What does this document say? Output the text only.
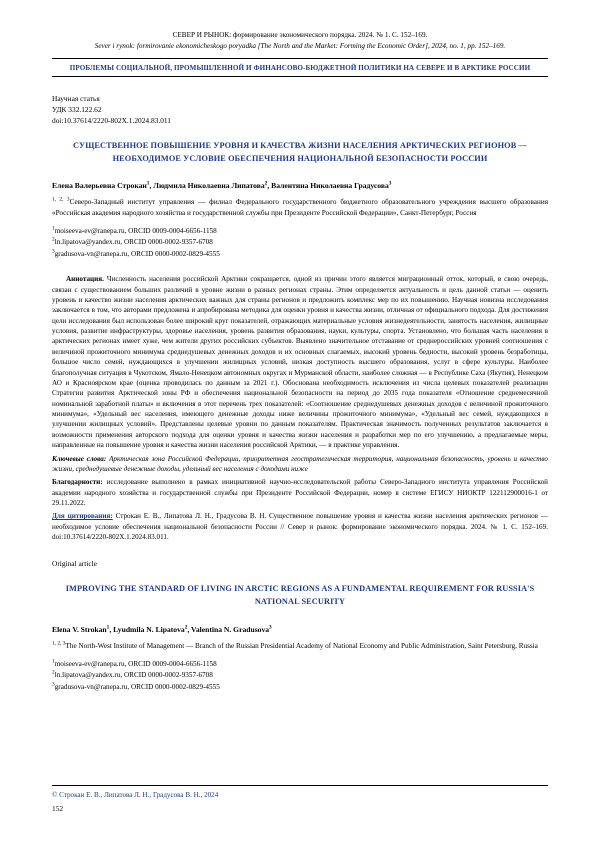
СЕВЕР И РЫНОК: формирование экономического порядка. 2024. № 1. С. 152–169.
Sever i rynok: formirovanie ekonomicheskogo poryadka [The North and the Market: Forming the Economic Order], 2024, no. 1, pp. 152–169.
ПРОБЛЕМЫ СОЦИАЛЬНОЙ, ПРОМЫШЛЕННОЙ И ФИНАНСОВО-БЮДЖЕТНОЙ ПОЛИТИКИ НА СЕВЕРЕ И В АРКТИКЕ РОССИИ
Научная статья
УДК 332.122.62
doi:10.37614/2220-802X.1.2024.83.011
СУЩЕСТВЕННОЕ ПОВЫШЕНИЕ УРОВНЯ И КАЧЕСТВА ЖИЗНИ НАСЕЛЕНИЯ АРКТИЧЕСКИХ РЕГИОНОВ — НЕОБХОДИМОЕ УСЛОВИЕ ОБЕСПЕЧЕНИЯ НАЦИОНАЛЬНОЙ БЕЗОПАСНОСТИ РОССИИ
Елена Валерьевна Строкан$^1$, Людмила Николаевна Липатова$^2$, Валентина Николаевна Градусова$^3$
$^{1, 2, 3}$Северо-Западный институт управления — филиал Федерального государственного бюджетного образовательного учреждения высшего образования «Российская академия народного хозяйства и государственной службы при Президенте Российской Федерации», Санкт-Петербург, Россия
$^1$moiseeva-ev@ranepa.ru, ORCID 0009-0004-6656-1158
$^2$ln.lipatova@yandex.ru, ORCID 0000-0002-9357-6708
$^3$gradusova-vn@ranepa.ru, ORCID 0000-0002-0829-4555

Аннотация. Численность населения российской Арктики сокращается, одной из причин этого является миграционный отток, который, в свою очередь, связан с существованием больших различий в уровне жизни в разных регионах страны. Этим определяется актуальность и цель данной статьи — оценить уровень и качество жизни населения арктических важных для страны регионов и предложить комплекс мер по их повышению. Научная новизна исследования заключается в том, что авторами предложена и апробирована методика для оценки уровня и качества жизни, отличная от официального подхода. Для достижения цели исследования был использован более широкий круг показателей, отражающих материальные условия жизнедеятельности, занятость населения, жилищные условия, развитие инфраструктуры, здоровье населения, уровень развития образования, науки, культуры, спорта. Установлено, что большая часть населения в арктических регионах имеет хуже, чем жители других российских субъектов. Выявлено значительное отставание от среднероссийских уровней соотношения с величиной прожиточного минимума среднедушевых денежных доходов и их основных слагаемых, высокий уровень бедности, высокий уровень безработицы, большое число семей, нуждающихся в улучшении жилищных условий, низкая доступность высшего образования, услуг в сфере культуры. Наиболее благополучная ситуация в Чукотском, Ямало-Ненецком автономных округах и Мурманской области, наиболее сложная — в Республике Саха (Якутия), Ненецком АО и Красноярском крае (оценка проводилась по данным за 2021 г.). Обоснована необходимость исключения из числа целевых показателей реализации Стратегии развития Арктической зоны РФ и обеспечения национальной безопасности на период до 2035 года показателя «Отношение среднемесячной номинальной заработной платы» и включения в этот перечень трех показателей: «Соотношение среднедушевых денежных доходов с величиной прожиточного минимума», «Удельный вес населения, имеющего денежные доходы ниже величины прожиточного минимума», «Удельный вес семей, нуждающихся в улучшении жилищных условий». Представлены целевые уровни по данным показателям. Практическая значимость полученных результатов заключается в возможности применения авторского подхода для оценки уровня и качества жизни населения и разработки мер по его улучшению, а предлагаемые меры, направленные на повышение уровня и качества жизни населения российской Арктики, — в практике управления.

Ключевые слова: Арктическая зона Российской Федерации, приоритетная геостратегическая территория, национальная безопасность, уровень и качество жизни, среднедушевые денежные доходы, удельный вес населения с доходами ниже

Благодарности: исследование выполнено в рамках инициативной научно-исследовательской работы Северо-Западного института управления Российской академии народного хозяйства и государственной службы при Президенте Российской Федерации, номер в системе ЕГИСУ НИОКТР 122112900016-1 от 29.11.2022.

Для цитирования: Строкан Е. В., Липатова Л. Н., Градусова В. Н. Существенное повышение уровня и качества жизни населения арктических регионов — необходимое условие обеспечения национальной безопасности России // Север и рынок: формирование экономического порядка. 2024. № 1. С. 152–169. doi:10.37614/2220-802X.1.2024.83.011.

Original article
IMPROVING THE STANDARD OF LIVING IN ARCTIC REGIONS AS A FUNDAMENTAL REQUIREMENT FOR RUSSIA'S NATIONAL SECURITY
Elena V. Strokan$^1$, Lyudmila N. Lipatova$^2$, Valentina N. Gradusova$^3$
$^{1, 2, 3}$The North-West Institute of Management — Branch of the Russian Presidential Academy of National Economy and Public Administration, Saint Petersburg, Russia
$^1$moiseeva-ev@ranepa.ru, ORCID 0009-0004-6656-1158
$^2$ln.lipatova@yandex.ru, ORCID 0000-0002-9357-6708
$^3$gradusova-vn@ranepa.ru, ORCID 0000-0002-0829-4555
© Строкан Е. В., Липатова Л. Н., Градусова В. Н., 2024
152
